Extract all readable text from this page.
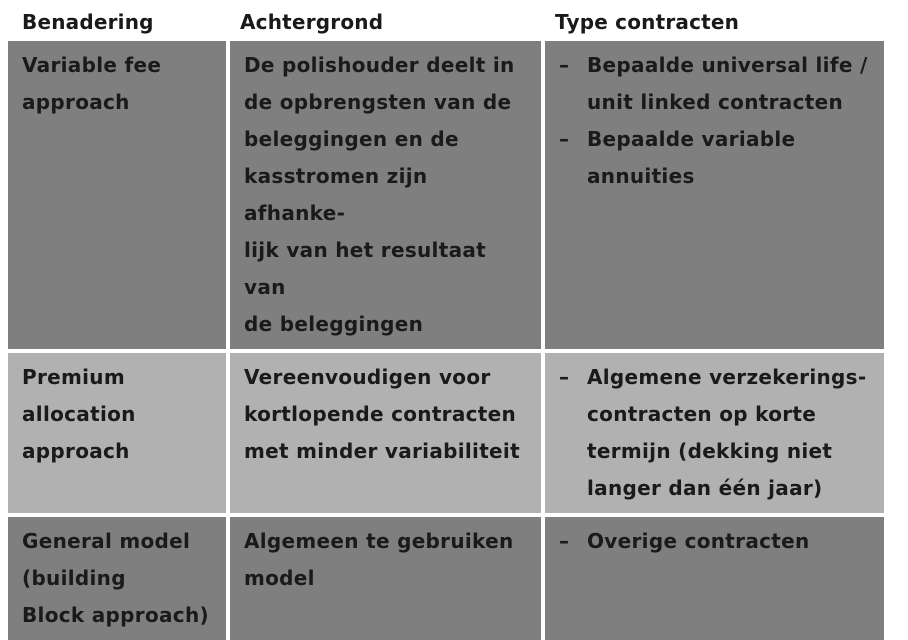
Benadering	Achtergrond	Type contracten
Variable fee
approach
De polishouder deelt in
de opbrengsten van de
beleggingen en de
kasstromen zijn afhanke-
lijk van het resultaat van
de beleggingen
– Bepaalde universal life /
unit linked contracten
– Bepaalde variable
annuities
Premium
allocation
approach
Vereenvoudigen voor
kortlopende contracten
met minder variabiliteit
– Algemene verzekerings-
contracten op korte
termijn (dekking niet
langer dan één jaar)
General model
(building
Block approach)
Algemeen te gebruiken
model
– Overige contracten
